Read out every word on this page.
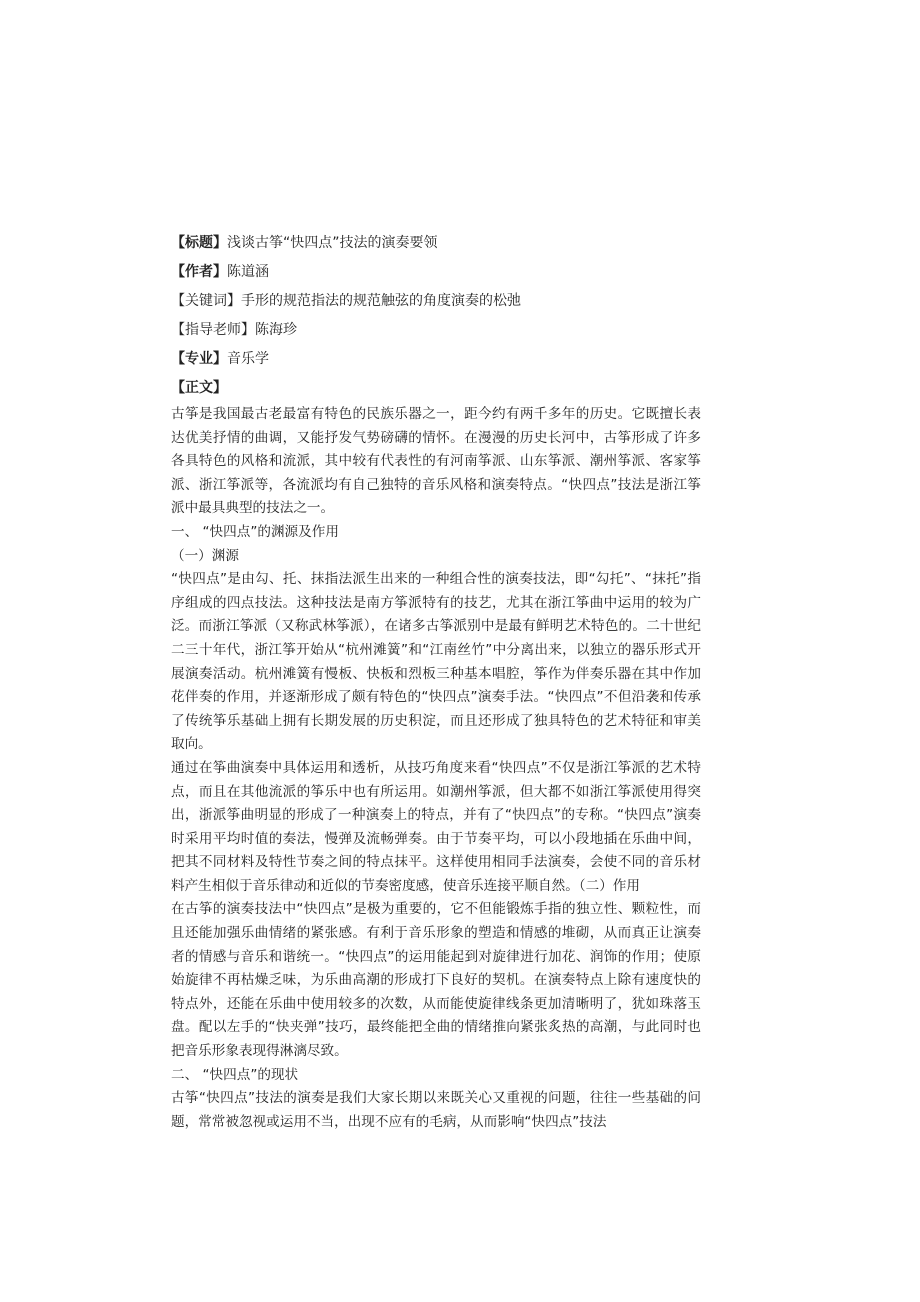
【标题】浅谈古筝“快四点”技法的演奏要领
【作者】陈道涵
【关键词】手形的规范指法的规范触弦的角度演奏的松弛
【指导老师】陈海珍
【专业】音乐学
【正文】

古筝是我国最古老最富有特色的民族乐器之一，距今约有两千多年的历史。它既擅长表达优美抒情的曲调，又能抒发气势磅礴的情怀。在漫漫的历史长河中，古筝形成了许多各具特色的风格和流派，其中较有代表性的有河南筝派、山东筝派、潮州筝派、客家筝派、浙江筝派等，各流派均有自己独特的音乐风格和演奏特点。“快四点”技法是浙江筝派中最具典型的技法之一。

一、 “快四点”的渊源及作用

（一）渊源

“快四点”是由勾、托、抹指法派生出来的一种组合性的演奏技法，即“勾托”、“抹托”指序组成的四点技法。这种技法是南方筝派特有的技艺，尤其在浙江筝曲中运用的较为广泛。而浙江筝派（又称武林筝派），在诸多古筝派别中是最有鲜明艺术特色的。二十世纪二三十年代，浙江筝开始从“杭州滩簧”和“江南丝竹”中分离出来，以独立的器乐形式开展演奏活动。杭州滩簧有慢板、快板和烈板三种基本唱腔，筝作为伴奏乐器在其中作加花伴奏的作用，并逐渐形成了颇有特色的“快四点”演奏手法。“快四点”不但沿袭和传承了传统筝乐基础上拥有长期发展的历史积淀，而且还形成了独具特色的艺术特征和审美取向。

通过在筝曲演奏中具体运用和透析，从技巧角度来看“快四点”不仅是浙江筝派的艺术特点，而且在其他流派的筝乐中也有所运用。如潮州筝派，但大都不如浙江筝派使用得突出，浙派筝曲明显的形成了一种演奏上的特点，并有了“快四点”的专称。“快四点”演奏时采用平均时值的奏法，慢弹及流畅弹奏。由于节奏平均，可以小段地插在乐曲中间，把其不同材料及特性节奏之间的特点抹平。这样使用相同手法演奏，会使不同的音乐材料产生相似于音乐律动和近似的节奏密度感，使音乐连接平顺自然。（二）作用

在古筝的演奏技法中“快四点”是极为重要的，它不但能锻炼手指的独立性、颗粒性，而且还能加强乐曲情绪的紧张感。有利于音乐形象的塑造和情感的堆砌，从而真正让演奏者的情感与音乐和谐统一。“快四点”的运用能起到对旋律进行加花、润饰的作用；使原始旋律不再枯燥乏味，为乐曲高潮的形成打下良好的契机。在演奏特点上除有速度快的特点外，还能在乐曲中使用较多的次数，从而能使旋律线条更加清晰明了，犹如珠落玉盘。配以左手的“快夹弹”技巧，最终能把全曲的情绪推向紧张炙热的高潮，与此同时也把音乐形象表现得淋漓尽致。

二、 “快四点”的现状

古筝“快四点”技法的演奏是我们大家长期以来既关心又重视的问题，往往一些基础的问题，常常被忽视或运用不当，出现不应有的毛病，从而影响“快四点”技法
